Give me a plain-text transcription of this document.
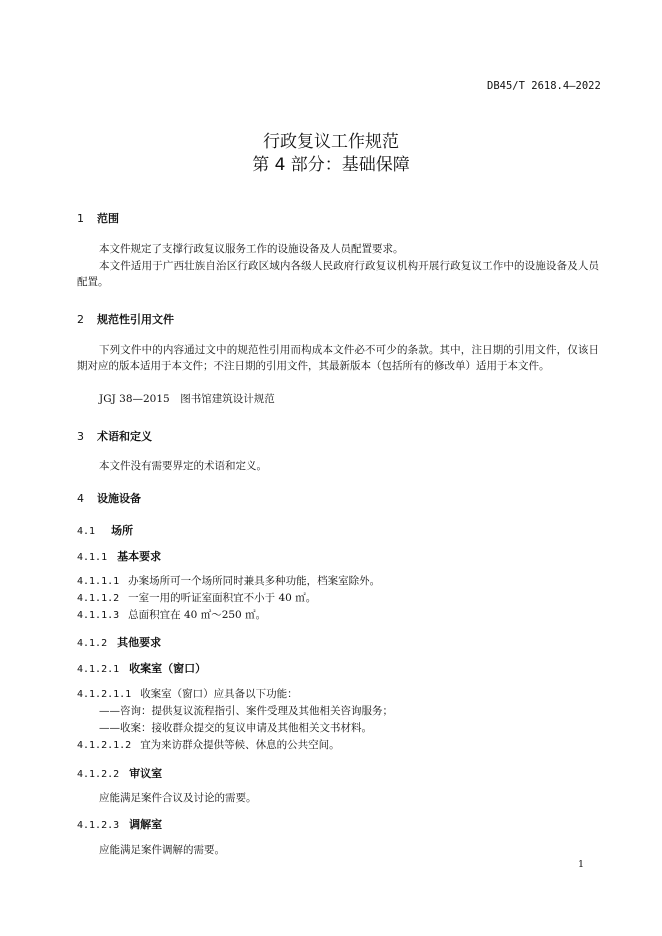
DB45/T 2618.4—2022
行政复议工作规范
第 4 部分：基础保障
1 范围
本文件规定了支撑行政复议服务工作的设施设备及人员配置要求。
本文件适用于广西壮族自治区行政区域内各级人民政府行政复议机构开展行政复议工作中的设施设备及人员配置。
2 规范性引用文件
下列文件中的内容通过文中的规范性引用而构成本文件必不可少的条款。其中，注日期的引用文件，仅该日期对应的版本适用于本文件；不注日期的引用文件，其最新版本（包括所有的修改单）适用于本文件。
JGJ 38—2015　图书馆建筑设计规范
3 术语和定义
本文件没有需要界定的术语和定义。
4 设施设备
4.1 场所
4.1.1 基本要求
4.1.1.1 办案场所可一个场所同时兼具多种功能，档案室除外。
4.1.1.2 一室一用的听证室面积宜不小于 40 ㎡。
4.1.1.3 总面积宜在 40 ㎡～250 ㎡。
4.1.2 其他要求
4.1.2.1 收案室（窗口）
4.1.2.1.1 收案室（窗口）应具备以下功能：
——咨询：提供复议流程指引、案件受理及其他相关咨询服务；
——收案：接收群众提交的复议申请及其他相关文书材料。
4.1.2.1.2 宜为来访群众提供等候、休息的公共空间。
4.1.2.2 审议室
应能满足案件合议及讨论的需要。
4.1.2.3 调解室
应能满足案件调解的需要。
1
